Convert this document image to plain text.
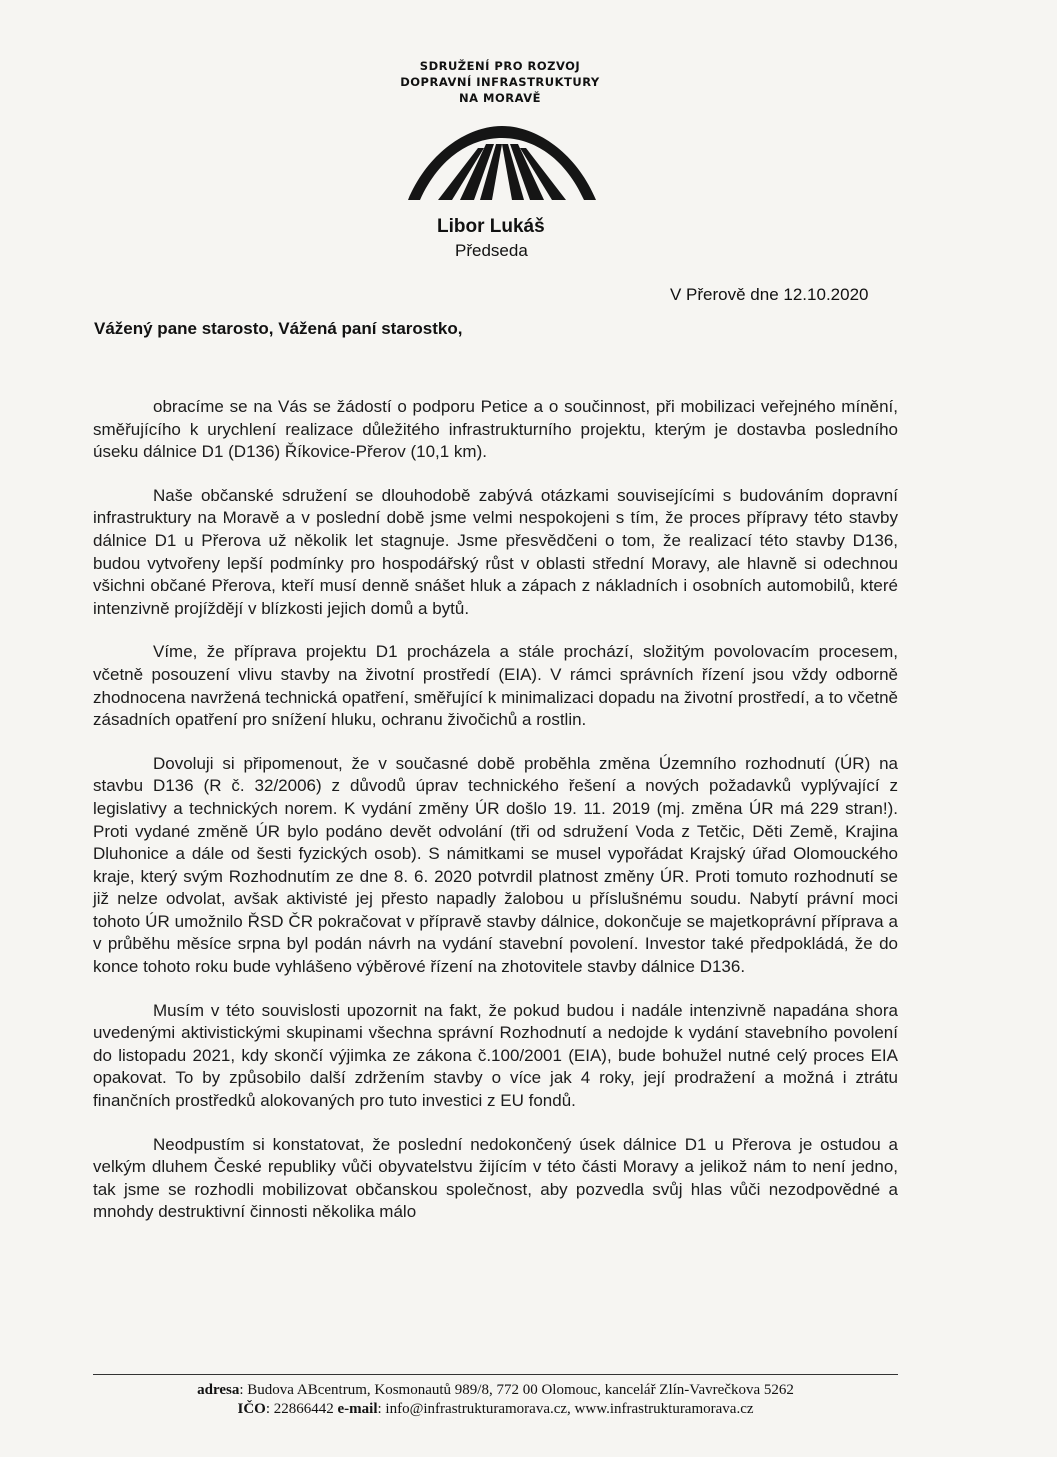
SDRUŽENÍ PRO ROZVOJ
DOPRAVNÍ INFRASTRUKTURY
NA MORAVĚ
Libor Lukáš
Předseda
V Přerově dne 12.10.2020
Vážený pane starosto, Vážená paní starostko,

obracíme se na Vás se žádostí o podporu Petice a o součinnost, při mobilizaci veřejného mínění, směřujícího k urychlení realizace důležitého infrastrukturního projektu, kterým je dostavba posledního úseku dálnice D1 (D136) Říkovice-Přerov (10,1 km).

Naše občanské sdružení se dlouhodobě zabývá otázkami souvisejícími s budováním dopravní infrastruktury na Moravě a v poslední době jsme velmi nespokojeni s tím, že proces přípravy této stavby dálnice D1 u Přerova už několik let stagnuje. Jsme přesvědčeni o tom, že realizací této stavby D136, budou vytvořeny lepší podmínky pro hospodářský růst v oblasti střední Moravy, ale hlavně si odechnou všichni občané Přerova, kteří musí denně snášet hluk a zápach z nákladních i osobních automobilů, které intenzivně projíždějí v blízkosti jejich domů a bytů.

Víme, že příprava projektu D1 procházela a stále prochází, složitým povolovacím procesem, včetně posouzení vlivu stavby na životní prostředí (EIA). V rámci správních řízení jsou vždy odborně zhodnocena navržená technická opatření, směřující k minimalizaci dopadu na životní prostředí, a to včetně zásadních opatření pro snížení hluku, ochranu živočichů a rostlin.

Dovoluji si připomenout, že v současné době proběhla změna Územního rozhodnutí (ÚR) na stavbu D136 (R č. 32/2006) z důvodů úprav technického řešení a nových požadavků vyplývající z legislativy a technických norem. K vydání změny ÚR došlo 19. 11. 2019 (mj. změna ÚR má 229 stran!). Proti vydané změně ÚR bylo podáno devět odvolání (tři od sdružení Voda z Tetčic, Děti Země, Krajina Dluhonice a dále od šesti fyzických osob). S námitkami se musel vypořádat Krajský úřad Olomouckého kraje, který svým Rozhodnutím ze dne 8. 6. 2020 potvrdil platnost změny ÚR. Proti tomuto rozhodnutí se již nelze odvolat, avšak aktivisté jej přesto napadly žalobou u příslušnému soudu. Nabytí právní moci tohoto ÚR umožnilo ŘSD ČR pokračovat v přípravě stavby dálnice, dokončuje se majetkoprávní příprava a v průběhu měsíce srpna byl podán návrh na vydání stavební povolení. Investor také předpokládá, že do konce tohoto roku bude vyhlášeno výběrové řízení na zhotovitele stavby dálnice D136.

Musím v této souvislosti upozornit na fakt, že pokud budou i nadále intenzivně napadána shora uvedenými aktivistickými skupinami všechna správní Rozhodnutí a nedojde k vydání stavebního povolení do listopadu 2021, kdy skončí výjimka ze zákona č.100/2001 (EIA), bude bohužel nutné celý proces EIA opakovat. To by způsobilo další zdržením stavby o více jak 4 roky, její prodražení a možná i ztrátu finančních prostředků alokovaných pro tuto investici z EU fondů.

Neodpustím si konstatovat, že poslední nedokončený úsek dálnice D1 u Přerova je ostudou a velkým dluhem České republiky vůči obyvatelstvu žijícím v této části Moravy a jelikož nám to není jedno, tak jsme se rozhodli mobilizovat občanskou společnost, aby pozvedla svůj hlas vůči nezodpovědné a mnohdy destruktivní činnosti několika málo

adresa: Budova ABcentrum, Kosmonautů 989/8, 772 00 Olomouc, kancelář Zlín-Vavrečkova 5262
IČO: 22866442 e-mail: info@infrastrukturamorava.cz, www.infrastrukturamorava.cz
